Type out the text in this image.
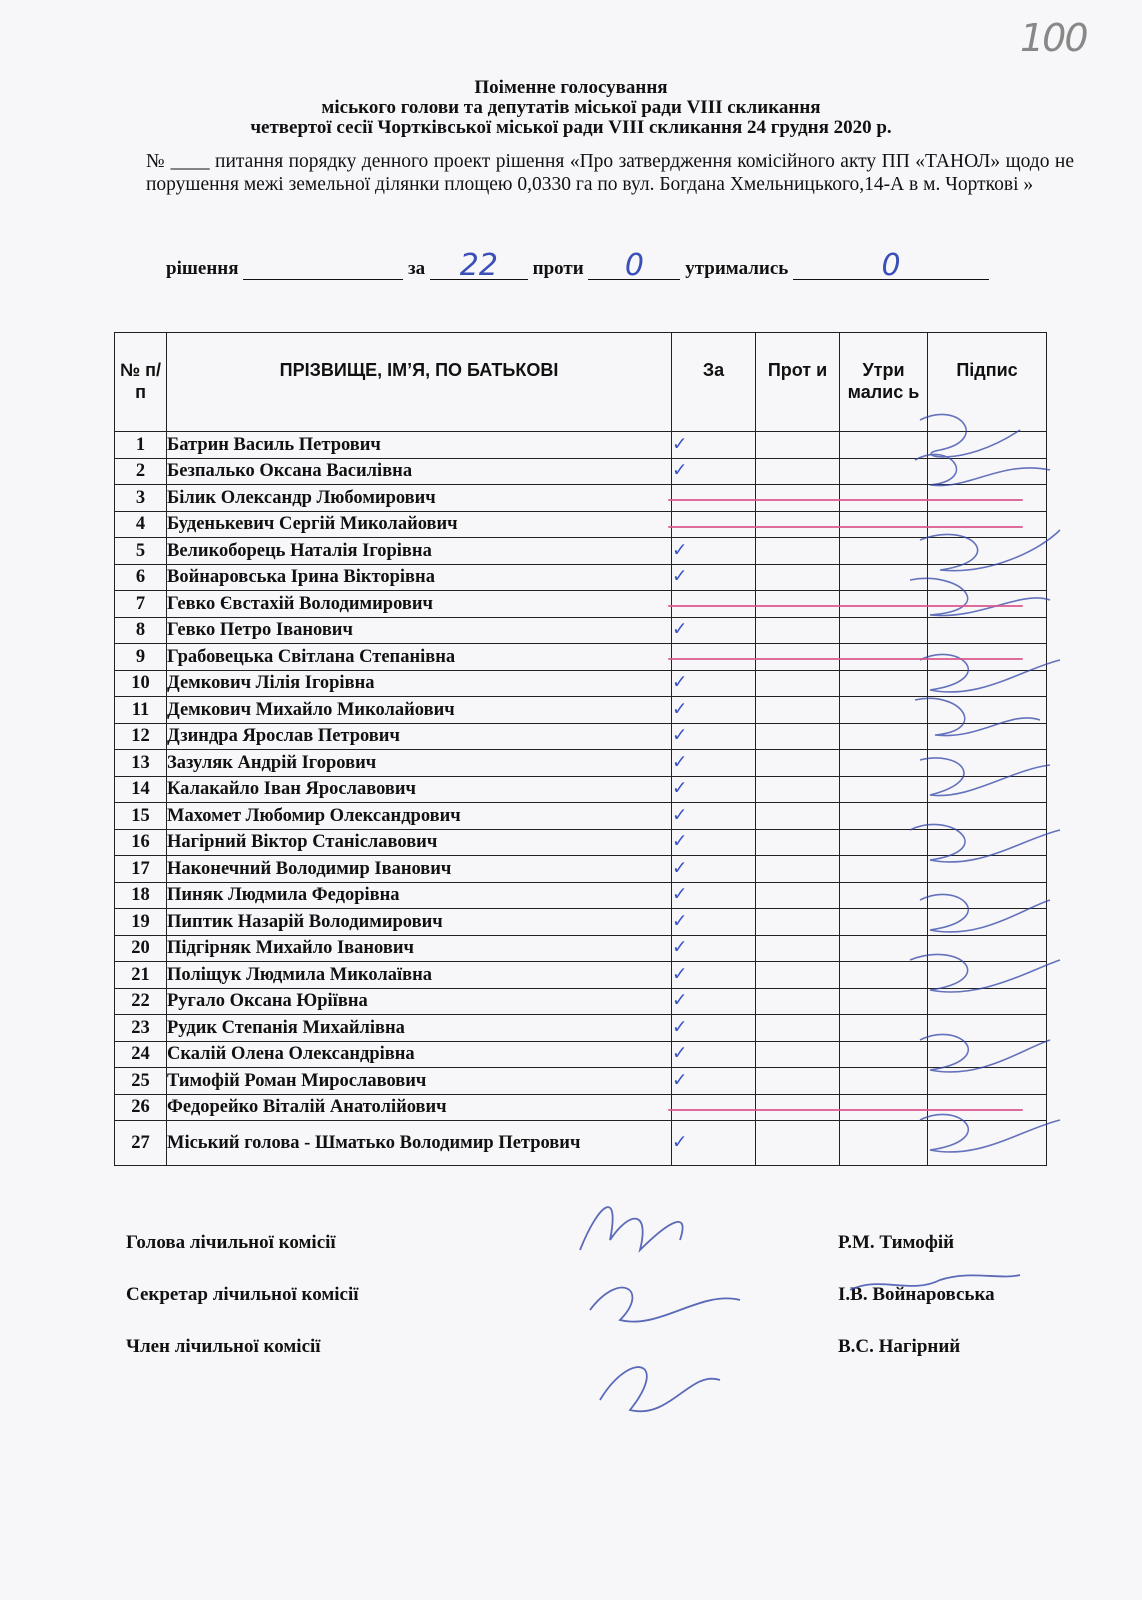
100
Поіменне голосування
міського голови та депутатів міської ради VIII скликання
четвертої сесії Чортківської міської ради VIII скликання 24 грудня 2020 р.
№ ____ питання порядку денного проект рішення «Про затвердження комісійного акту ПП «ТАНОЛ» щодо не порушення межі земельної ділянки площею 0,0330 га по вул. Богдана Хмельницького,14-А в м. Чорткові »
рішення	за	22	проти	0	утримались	0
№ п/п	ПРІЗВИЩЕ, ІМ’Я, ПО БАТЬКОВІ	За	Прот и	Утри малис ь	Підпис
1	Батрин Василь Петрович	✓			
2	Безпалько Оксана Василівна	✓			
3	Білик Олександр Любомирович				
4	Буденькевич Сергій Миколайович				
5	Великоборець Наталія Ігорівна	✓			
6	Войнаровська Ірина Вікторівна	✓			
7	Гевко Євстахій Володимирович				
8	Гевко Петро Іванович	✓			
9	Грабовецька Світлана Степанівна				
10	Демкович Лілія Ігорівна	✓			
11	Демкович Михайло Миколайович	✓			
12	Дзиндра Ярослав Петрович	✓			
13	Зазуляк Андрій Ігорович	✓			
14	Калакайло Іван Ярославович	✓			
15	Махомет Любомир Олександрович	✓			
16	Нагірний Віктор Станіславович	✓			
17	Наконечний Володимир Іванович	✓			
18	Пиняк Людмила Федорівна	✓			
19	Пиптик Назарій Володимирович	✓			
20	Підгірняк Михайло Іванович	✓			
21	Поліщук Людмила Миколаївна	✓			
22	Ругало Оксана Юріївна	✓			
23	Рудик Степанія Михайлівна	✓			
24	Скалій Олена Олександрівна	✓			
25	Тимофій Роман Мирославович	✓			
26	Федорейко Віталій Анатолійович				
27	Міський голова - Шматько Володимир Петрович	✓			
Голова лічильної комісії	Р.М. Тимофій
Секретар лічильної комісії	І.В. Войнаровська
Член лічильної комісії	В.С. Нагірний
